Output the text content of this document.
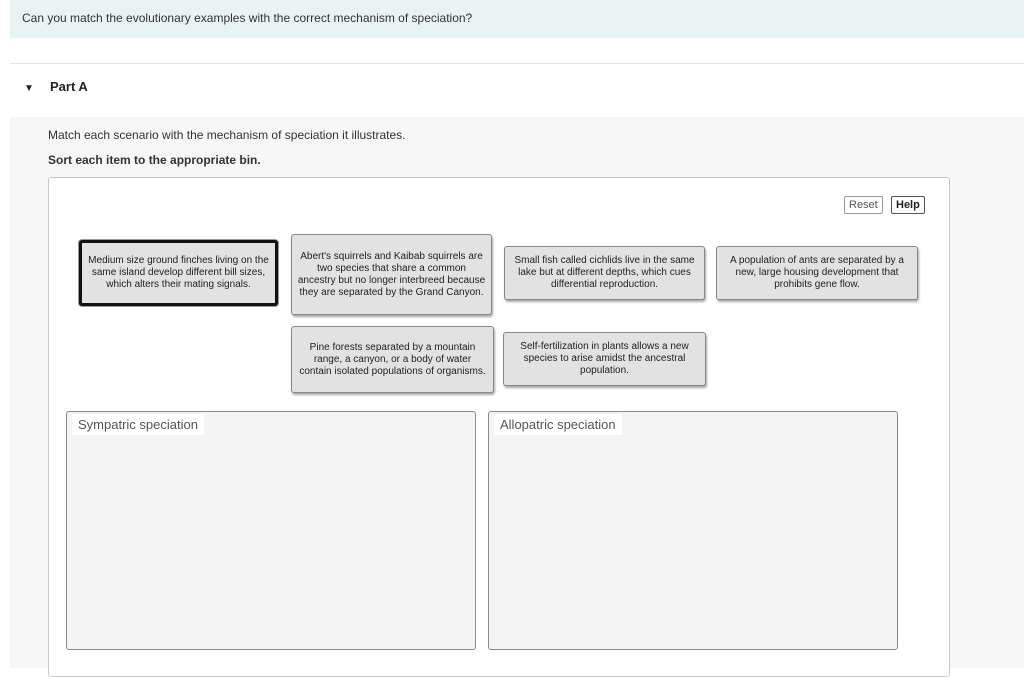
Can you match the evolutionary examples with the correct mechanism of speciation?
▼ Part A
Match each scenario with the mechanism of speciation it illustrates.
Sort each item to the appropriate bin.
Reset	Help
Medium size ground finches living on the same island develop different bill sizes, which alters their mating signals.
Abert's squirrels and Kaibab squirrels are two species that share a common ancestry but no longer interbreed because they are separated by the Grand Canyon.
Small fish called cichlids live in the same lake but at different depths, which cues differential reproduction.
A population of ants are separated by a new, large housing development that prohibits gene flow.
Pine forests separated by a mountain range, a canyon, or a body of water contain isolated populations of organisms.
Self-fertilization in plants allows a new species to arise amidst the ancestral population.
Sympatric speciation	Allopatric speciation
